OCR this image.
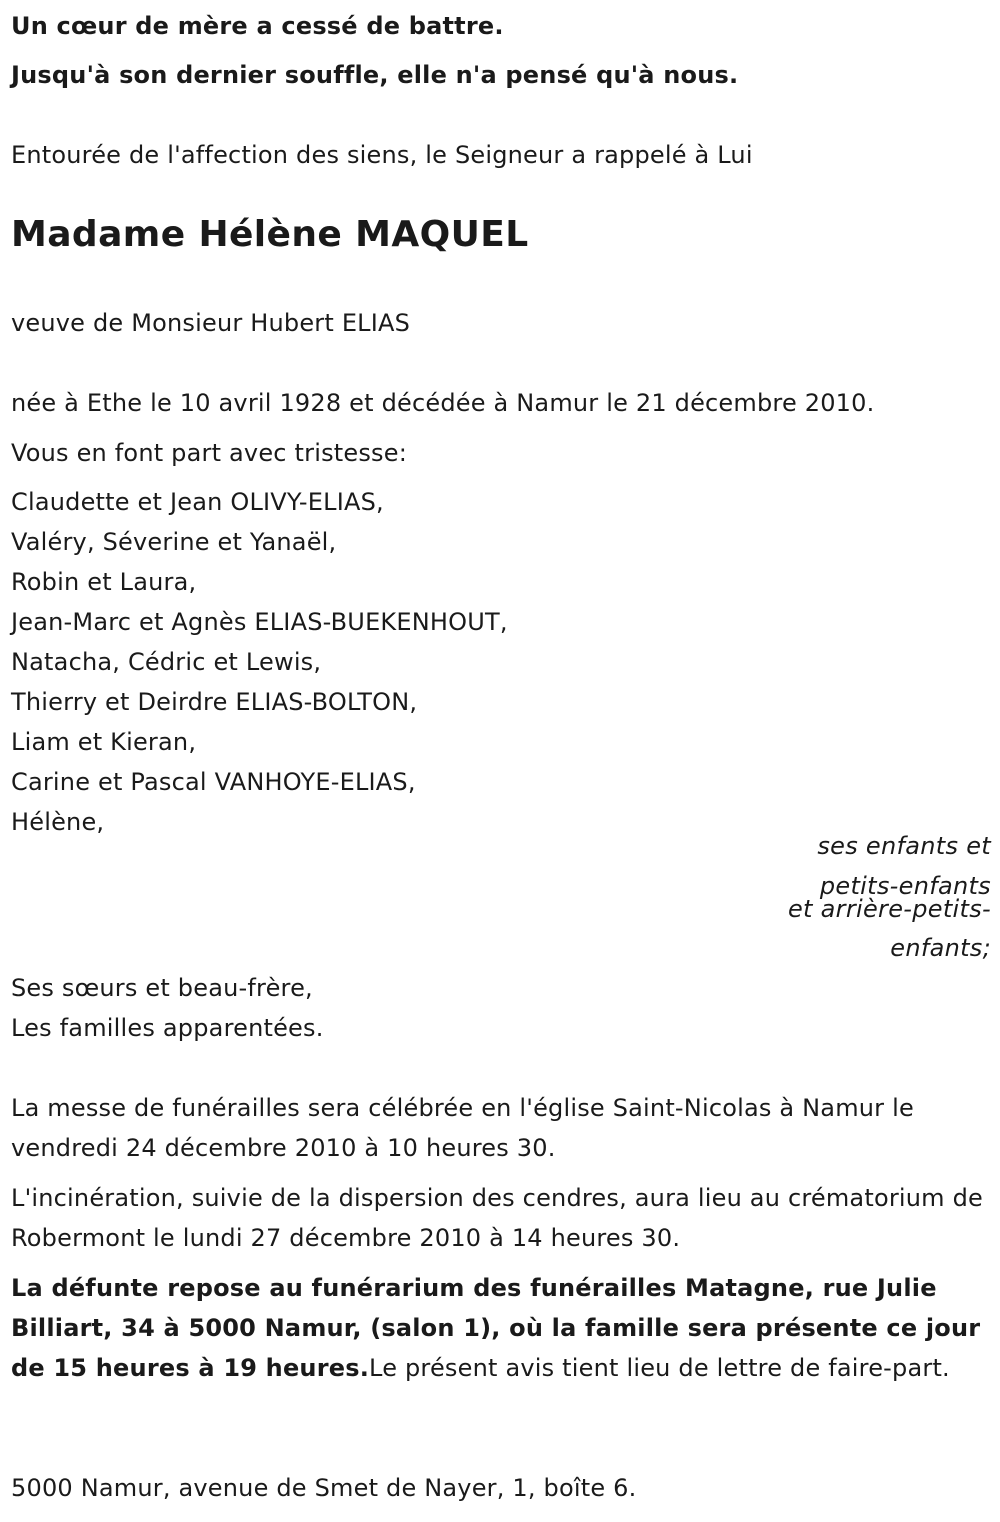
Un cœur de mère a cessé de battre.
Jusqu'à son dernier souffle, elle n'a pensé qu'à nous.
Entourée de l'affection des siens, le Seigneur a rappelé à Lui
Madame Hélène MAQUEL
veuve de Monsieur Hubert ELIAS
née à Ethe le 10 avril 1928 et décédée à Namur le 21 décembre 2010.
Vous en font part avec tristesse:
Claudette et Jean OLIVY-ELIAS,
Valéry, Séverine et Yanaël,
Robin et Laura,
Jean-Marc et Agnès ELIAS-BUEKENHOUT,
Natacha, Cédric et Lewis,
Thierry et Deirdre ELIAS-BOLTON,
Liam et Kieran,
Carine et Pascal VANHOYE-ELIAS,
Hélène,
ses enfants et
petits-enfants
et arrière-petits-
enfants;
Ses sœurs et beau-frère,
Les familles apparentées.
La messe de funérailles sera célébrée en l'église Saint-Nicolas à Namur le vendredi 24 décembre 2010 à 10 heures 30.
L'incinération, suivie de la dispersion des cendres, aura lieu au crématorium de Robermont le lundi 27 décembre 2010 à 14 heures 30.
La défunte repose au funérarium des funérailles Matagne, rue Julie Billiart, 34 à 5000 Namur, (salon 1), où la famille sera présente ce jour de 15 heures à 19 heures.Le présent avis tient lieu de lettre de faire-part.
5000 Namur, avenue de Smet de Nayer, 1, boîte 6.
